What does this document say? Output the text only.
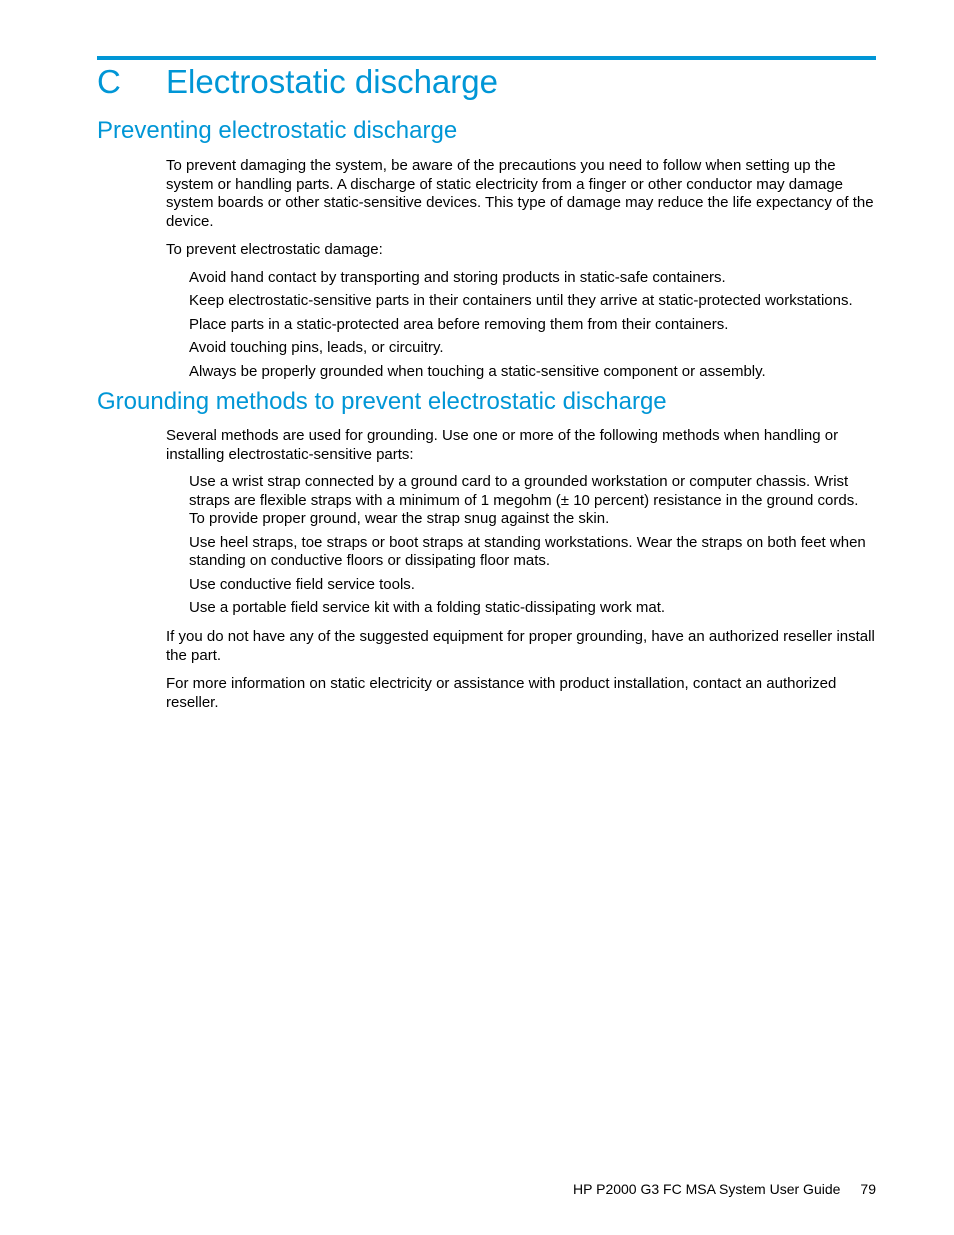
C Electrostatic discharge
Preventing electrostatic discharge

To prevent damaging the system, be aware of the precautions you need to follow when setting up the system or handling parts. A discharge of static electricity from a finger or other conductor may damage system boards or other static-sensitive devices. This type of damage may reduce the life expectancy of the device.

To prevent electrostatic damage:

Avoid hand contact by transporting and storing products in static-safe containers.
Keep electrostatic-sensitive parts in their containers until they arrive at static-protected workstations.
Place parts in a static-protected area before removing them from their containers.
Avoid touching pins, leads, or circuitry.
Always be properly grounded when touching a static-sensitive component or assembly.
Grounding methods to prevent electrostatic discharge

Several methods are used for grounding. Use one or more of the following methods when handling or installing electrostatic-sensitive parts:

Use a wrist strap connected by a ground card to a grounded workstation or computer chassis. Wrist straps are flexible straps with a minimum of 1 megohm (± 10 percent) resistance in the ground cords. To provide proper ground, wear the strap snug against the skin.
Use heel straps, toe straps or boot straps at standing workstations. Wear the straps on both feet when standing on conductive floors or dissipating floor mats.
Use conductive field service tools.
Use a portable field service kit with a folding static-dissipating work mat.

If you do not have any of the suggested equipment for proper grounding, have an authorized reseller install the part.

For more information on static electricity or assistance with product installation, contact an authorized reseller.

HP P2000 G3 FC MSA System User Guide 79
